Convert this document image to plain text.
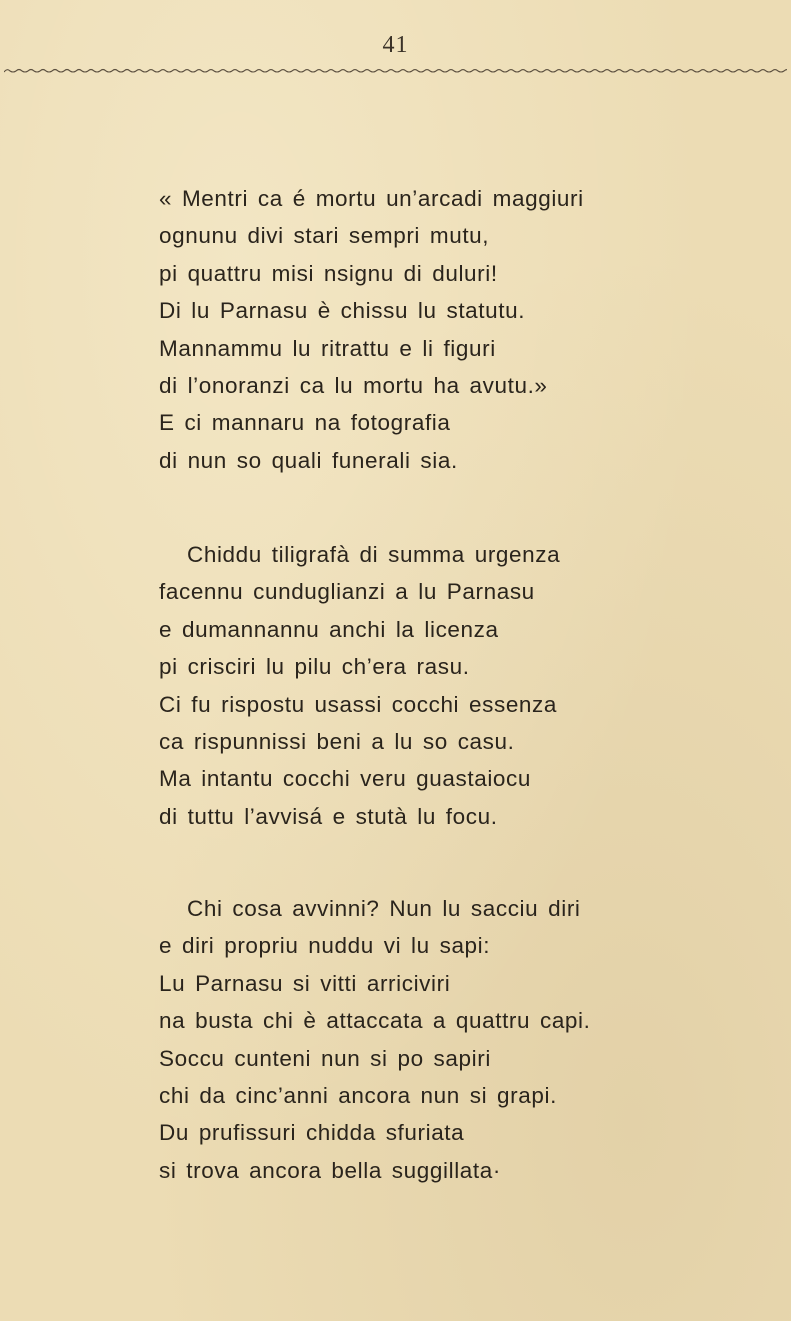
41
« Mentri ca é mortu un’arcadi maggiuri
ognunu divi stari sempri mutu,
pi quattru misi nsignu di duluri!
Di lu Parnasu è chissu lu statutu.
Mannammu lu ritrattu e li figuri
di l’onoranzi ca lu mortu ha avutu.»
E ci mannaru na fotografia
di nun so quali funerali sia.
Chiddu tiligrafà di summa urgenza
facennu cunduglianzi a lu Parnasu
e dumannannu anchi la licenza
pi crisciri lu pilu ch’era rasu.
Ci fu rispostu usassi cocchi essenza
ca rispunnissi beni a lu so casu.
Ma intantu cocchi veru guastaiocu
di tuttu l’avvisá e stutà lu focu.
Chi cosa avvinni? Nun lu sacciu diri
e diri propriu nuddu vi lu sapi:
Lu Parnasu si vitti arriciviri
na busta chi è attaccata a quattru capi.
Soccu cunteni nun si po sapiri
chi da cinc’anni ancora nun si grapi.
Du prufissuri chidda sfuriata
si trova ancora bella suggillata·
